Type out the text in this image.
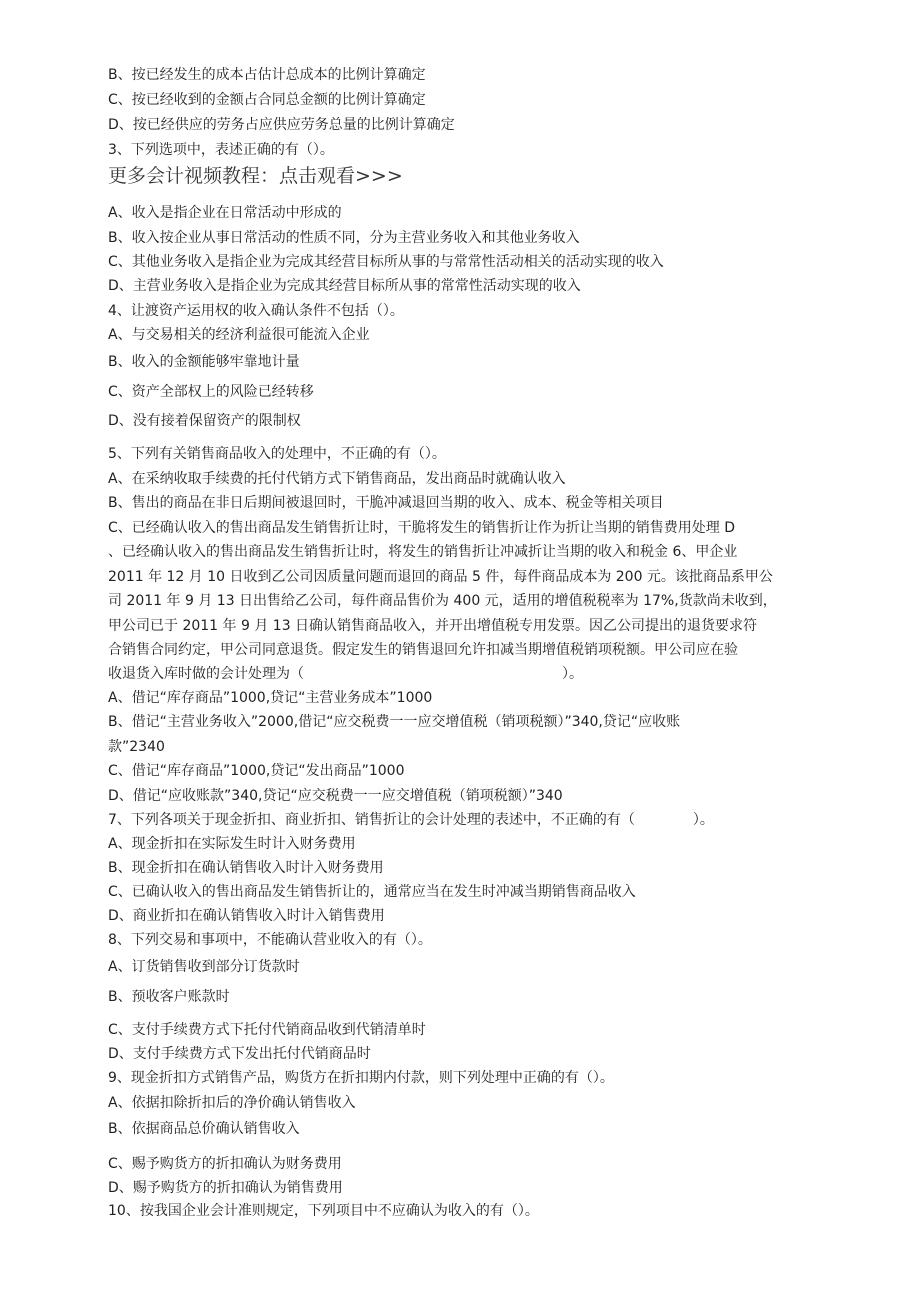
B、按已经发生的成本占估计总成本的比例计算确定
C、按已经收到的金额占合同总金额的比例计算确定
D、按已经供应的劳务占应供应劳务总量的比例计算确定
3、下列选项中，表述正确的有（）。
更多会计视频教程：点击观看>>>
A、收入是指企业在日常活动中形成的
B、收入按企业从事日常活动的性质不同，分为主营业务收入和其他业务收入
C、其他业务收入是指企业为完成其经营目标所从事的与常常性活动相关的活动实现的收入
D、主营业务收入是指企业为完成其经营目标所从事的常常性活动实现的收入
4、让渡资产运用权的收入确认条件不包括（）。
A、与交易相关的经济利益很可能流入企业
B、收入的金额能够牢靠地计量
C、资产全部权上的风险已经转移
D、没有接着保留资产的限制权
5、下列有关销售商品收入的处理中，不正确的有（）。
A、在采纳收取手续费的托付代销方式下销售商品，发出商品时就确认收入
B、售出的商品在非日后期间被退回时，干脆冲减退回当期的收入、成本、税金等相关项目
C、已经确认收入的售出商品发生销售折让时，干脆将发生的销售折让作为折让当期的销售费用处理 D
、已经确认收入的售出商品发生销售折让时，将发生的销售折让冲减折让当期的收入和税金 6、甲企业
2011 年 12 月 10 日收到乙公司因质量问题而退回的商品 5 件，每件商品成本为 200 元。该批商品系甲公
司 2011 年 9 月 13 日出售给乙公司，每件商品售价为 400 元，适用的增值税税率为 17%,货款尚未收到，
甲公司已于 2011 年 9 月 13 日确认销售商品收入，并开出增值税专用发票。因乙公司提出的退货要求符
合销售合同约定，甲公司同意退货。假定发生的销售退回允许扣减当期增值税销项税额。甲公司应在验
收退货入库时做的会计处理为（	）。
A、借记“库存商品”1000,贷记“主营业务成本”1000
B、借记“主营业务收入”2000,借记“应交税费一一应交增值税（销项税额）”340,贷记“应收账
款”2340
C、借记“库存商品”1000,贷记“发出商品”1000
D、借记“应收账款”340,贷记“应交税费一一应交增值税（销项税额）”340
7、下列各项关于现金折扣、商业折扣、销售折让的会计处理的表述中，不正确的有（	）。
A、现金折扣在实际发生时计入财务费用
B、现金折扣在确认销售收入时计入财务费用
C、已确认收入的售出商品发生销售折让的，通常应当在发生时冲减当期销售商品收入
D、商业折扣在确认销售收入时计入销售费用
8、下列交易和事项中，不能确认营业收入的有（）。
A、订货销售收到部分订货款时
B、预收客户账款时
C、支付手续费方式下托付代销商品收到代销清单时
D、支付手续费方式下发出托付代销商品时
9、现金折扣方式销售产品，购货方在折扣期内付款，则下列处理中正确的有（）。
A、依据扣除折扣后的净价确认销售收入
B、依据商品总价确认销售收入
C、赐予购货方的折扣确认为财务费用
D、赐予购货方的折扣确认为销售费用
10、按我国企业会计准则规定，下列项目中不应确认为收入的有（）。
